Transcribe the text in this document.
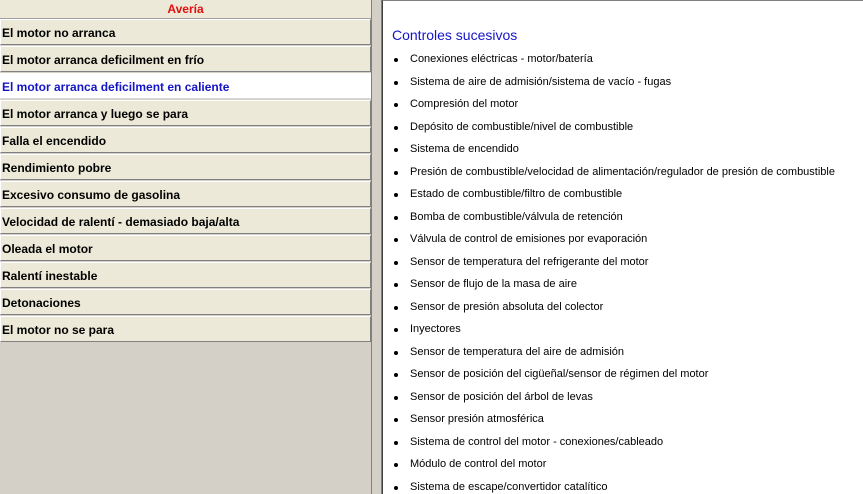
Avería
El motor no arranca
El motor arranca deficilment en frío
El motor arranca deficilment en caliente
El motor arranca y luego se para
Falla el encendido
Rendimiento pobre
Excesivo consumo de gasolina
Velocidad de ralentí - demasiado baja/alta
Oleada el motor
Ralentí inestable
Detonaciones
El motor no se para
Controles sucesivos
Conexiones eléctricas - motor/batería
Sistema de aire de admisión/sistema de vacío - fugas
Compresión del motor
Depósito de combustible/nivel de combustible
Sistema de encendido
Presión de combustible/velocidad de alimentación/regulador de presión de combustible
Estado de combustible/filtro de combustible
Bomba de combustible/válvula de retención
Válvula de control de emisiones por evaporación
Sensor de temperatura del refrigerante del motor
Sensor de flujo de la masa de aire
Sensor de presión absoluta del colector
Inyectores
Sensor de temperatura del aire de admisión
Sensor de posición del cigüeñal/sensor de régimen del motor
Sensor de posición del árbol de levas
Sensor presión atmosférica
Sistema de control del motor - conexiones/cableado
Módulo de control del motor
Sistema de escape/convertidor catalítico
